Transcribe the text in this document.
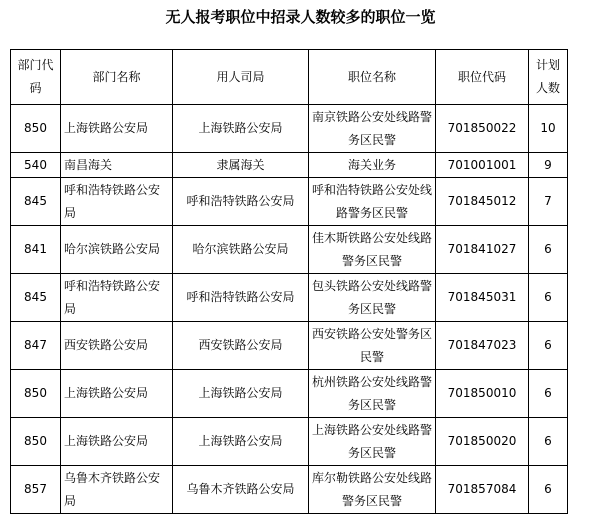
无人报考职位中招录人数较多的职位一览
部门代码	部门名称	用人司局	职位名称	职位代码	计划人数
850	上海铁路公安局	上海铁路公安局	南京铁路公安处线路警务区民警	701850022	10
540	南昌海关	隶属海关	海关业务	701001001	9
845	呼和浩特铁路公安局	呼和浩特铁路公安局	呼和浩特铁路公安处线路警务区民警	701845012	7
841	哈尔滨铁路公安局	哈尔滨铁路公安局	佳木斯铁路公安处线路警务区民警	701841027	6
845	呼和浩特铁路公安局	呼和浩特铁路公安局	包头铁路公安处线路警务区民警	701845031	6
847	西安铁路公安局	西安铁路公安局	西安铁路公安处警务区民警	701847023	6
850	上海铁路公安局	上海铁路公安局	杭州铁路公安处线路警务区民警	701850010	6
850	上海铁路公安局	上海铁路公安局	上海铁路公安处线路警务区民警	701850020	6
857	乌鲁木齐铁路公安局	乌鲁木齐铁路公安局	库尔勒铁路公安处线路警务区民警	701857084	6
